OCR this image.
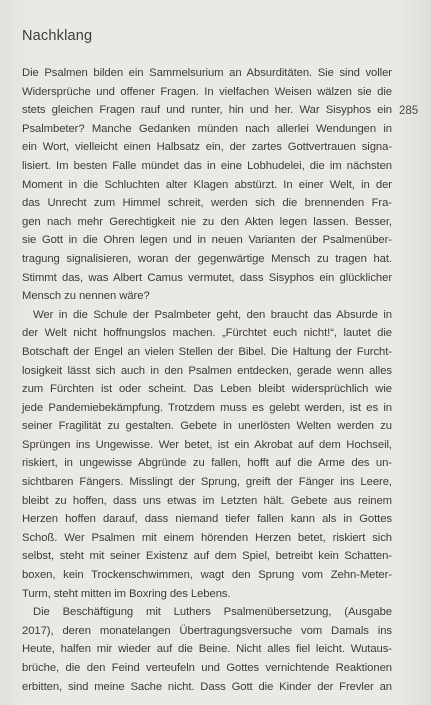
Nachklang
285
Die Psalmen bilden ein Sammelsurium an Absurditäten. Sie sind voller
Widersprüche und offener Fragen. In vielfachen Weisen wälzen sie die
stets gleichen Fragen rauf und runter, hin und her. War Sisyphos ein
Psalmbeter? Manche Gedanken münden nach allerlei Wendungen in
ein Wort, vielleicht einen Halbsatz ein, der zartes Gottvertrauen signa-
lisiert. Im besten Falle mündet das in eine Lobhudelei, die im nächsten
Moment in die Schluchten alter Klagen abstürzt. In einer Welt, in der
das Unrecht zum Himmel schreit, werden sich die brennenden Fra-
gen nach mehr Gerechtigkeit nie zu den Akten legen lassen. Besser,
sie Gott in die Ohren legen und in neuen Varianten der Psalmenüber-
tragung signalisieren, woran der gegenwärtige Mensch zu tragen hat.
Stimmt das, was Albert Camus vermutet, dass Sisyphos ein glücklicher
Mensch zu nennen wäre?
Wer in die Schule der Psalmbeter geht, den braucht das Absurde in
der Welt nicht hoffnungslos machen. „Fürchtet euch nicht!“, lautet die
Botschaft der Engel an vielen Stellen der Bibel. Die Haltung der Furcht-
losigkeit lässt sich auch in den Psalmen entdecken, gerade wenn alles
zum Fürchten ist oder scheint. Das Leben bleibt widersprüchlich wie
jede Pandemiebekämpfung. Trotzdem muss es gelebt werden, ist es in
seiner Fragilität zu gestalten. Gebete in unerlösten Welten werden zu
Sprüngen ins Ungewisse. Wer betet, ist ein Akrobat auf dem Hochseil,
riskiert, in ungewisse Abgründe zu fallen, hofft auf die Arme des un-
sichtbaren Fängers. Misslingt der Sprung, greift der Fänger ins Leere,
bleibt zu hoffen, dass uns etwas im Letzten hält. Gebete aus reinem
Herzen hoffen darauf, dass niemand tiefer fallen kann als in Gottes
Schoß. Wer Psalmen mit einem hörenden Herzen betet, riskiert sich
selbst, steht mit seiner Existenz auf dem Spiel, betreibt kein Schatten-
boxen, kein Trockenschwimmen, wagt den Sprung vom Zehn-Meter-
Turm, steht mitten im Boxring des Lebens.
Die Beschäftigung mit Luthers Psalmenübersetzung, (Ausgabe
2017), deren monatelangen Übertragungsversuche vom Damals ins
Heute, halfen mir wieder auf die Beine. Nicht alles fiel leicht. Wutaus-
brüche, die den Feind verteufeln und Gottes vernichtende Reaktionen
erbitten, sind meine Sache nicht. Dass Gott die Kinder der Frevler an
